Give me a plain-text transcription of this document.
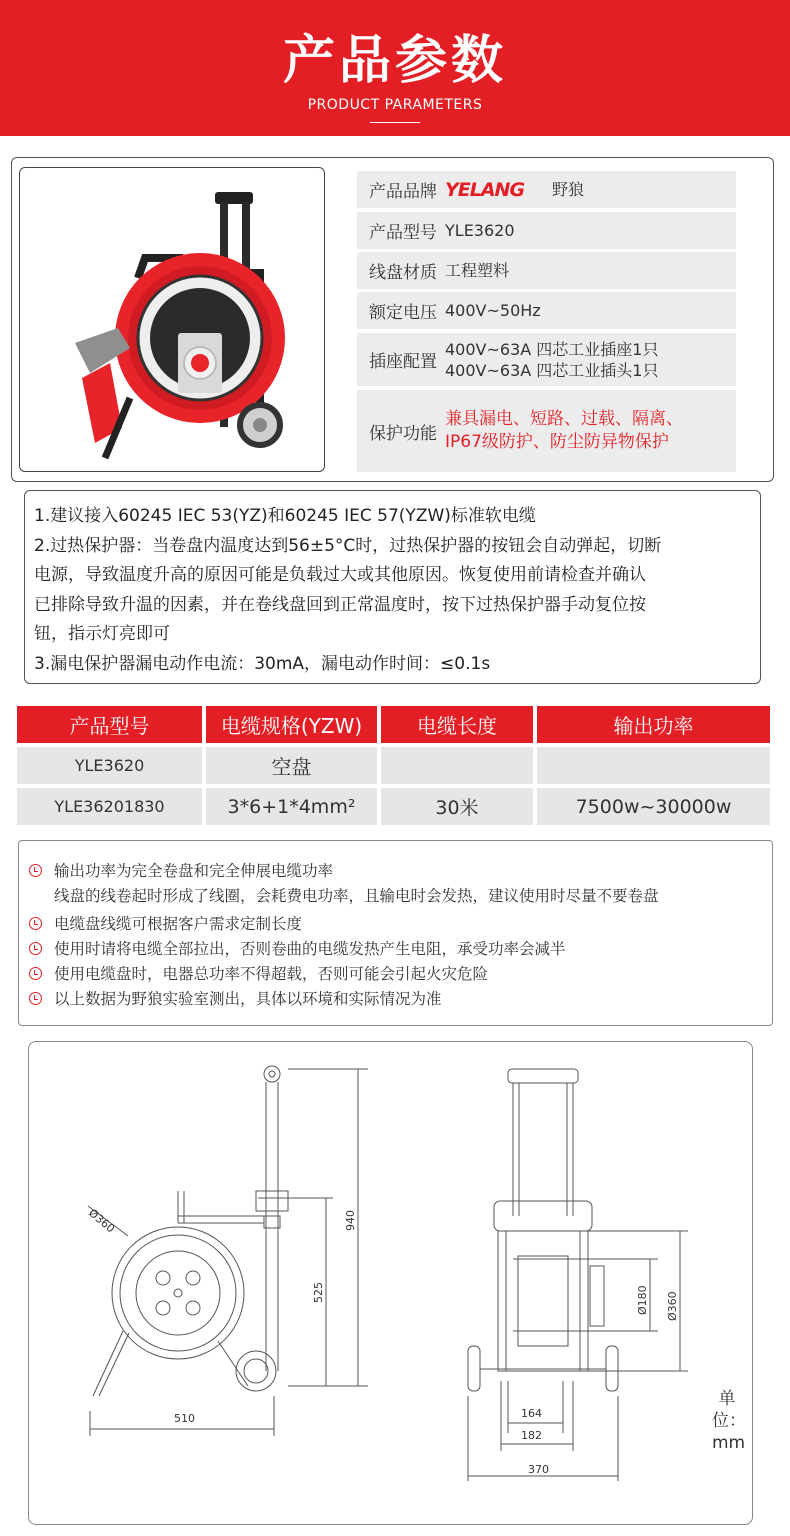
产品参数
PRODUCT PARAMETERS
产品品牌 YELANG 野狼
产品型号 YLE3620
线盘材质 工程塑料
额定电压 400V~50Hz
插座配置
400V~63A 四芯工业插座1只
400V~63A 四芯工业插头1只
保护功能
兼具漏电、短路、过载、隔离、
IP67级防护、防尘防异物保护

1.建议接入60245 IEC 53(YZ)和60245 IEC 57(YZW)标准软电缆

2.过热保护器：当卷盘内温度达到56±5°C时，过热保护器的按钮会自动弹起，切断

电源，导致温度升高的原因可能是负载过大或其他原因。恢复使用前请检查并确认

已排除导致升温的因素，并在卷线盘回到正常温度时，按下过热保护器手动复位按

钮，指示灯亮即可

3.漏电保护器漏电动作电流：30mA，漏电动作时间：≤0.1s

产品型号	电缆规格(YZW)	电缆长度	输出功率
YLE3620	空盘
YLE36201830	3*6+1*4mm²	30米	7500w~30000w
输出功率为完全卷盘和完全伸展电缆功率
线盘的线卷起时形成了线圈，会耗费电功率，且输电时会发热，建议使用时尽量不要卷盘
电缆盘线缆可根据客户需求定制长度
使用时请将电缆全部拉出，否则卷曲的电缆发热产生电阻，承受功率会减半
使用电缆盘时，电器总功率不得超载，否则可能会引起火灾危险
以上数据为野狼实验室测出，具体以环境和实际情况为准
Ø360	940
525
510
Ø180 Ø360
164
182
370
单位：mm
